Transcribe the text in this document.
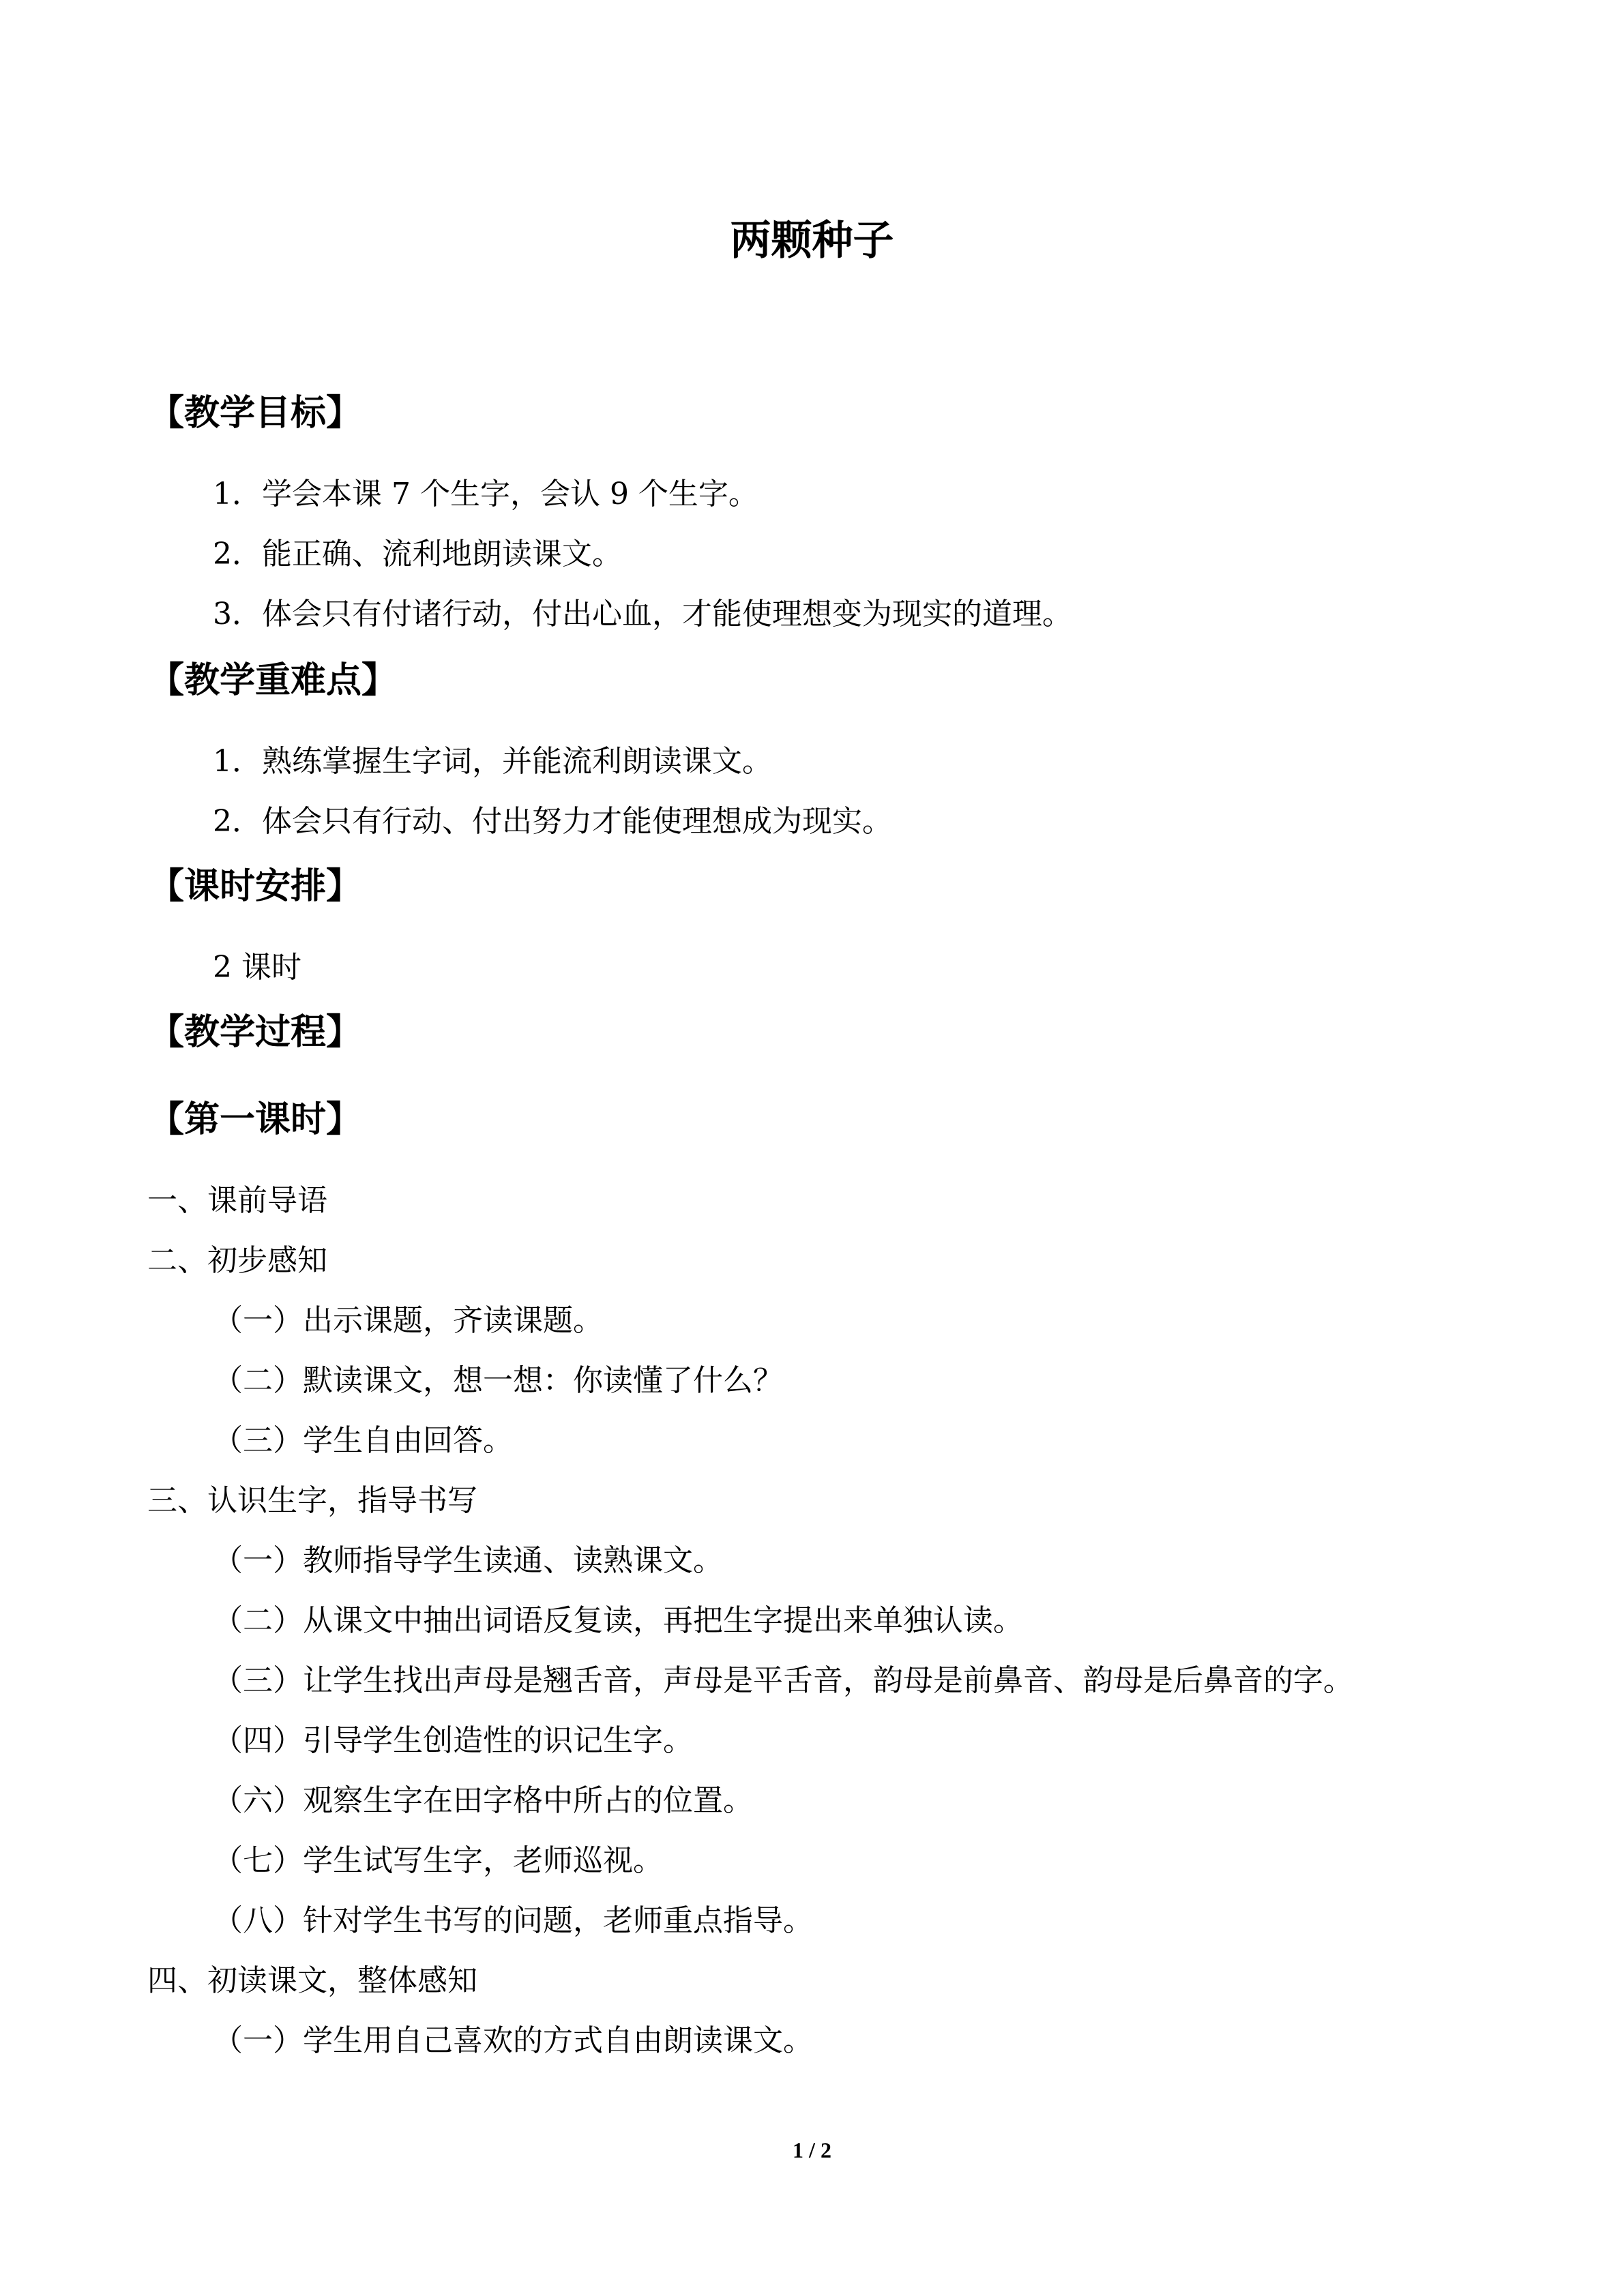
两颗种子
【教学目标】

1．学会本课 7 个生字，会认 9 个生字。

2．能正确、流利地朗读课文。

3．体会只有付诸行动，付出心血，才能使理想变为现实的道理。

【教学重难点】

1．熟练掌握生字词，并能流利朗读课文。

2．体会只有行动、付出努力才能使理想成为现实。

【课时安排】

2 课时

【教学过程】
【第一课时】

一、课前导语

二、初步感知

（一）出示课题，齐读课题。

（二）默读课文，想一想：你读懂了什么？

（三）学生自由回答。

三、认识生字，指导书写

（一）教师指导学生读通、读熟课文。

（二）从课文中抽出词语反复读，再把生字提出来单独认读。

（三）让学生找出声母是翘舌音，声母是平舌音，韵母是前鼻音、韵母是后鼻音的字。

（四）引导学生创造性的识记生字。

（六）观察生字在田字格中所占的位置。

（七）学生试写生字，老师巡视。

（八）针对学生书写的问题，老师重点指导。

四、初读课文，整体感知

（一）学生用自己喜欢的方式自由朗读课文。

1 / 2
